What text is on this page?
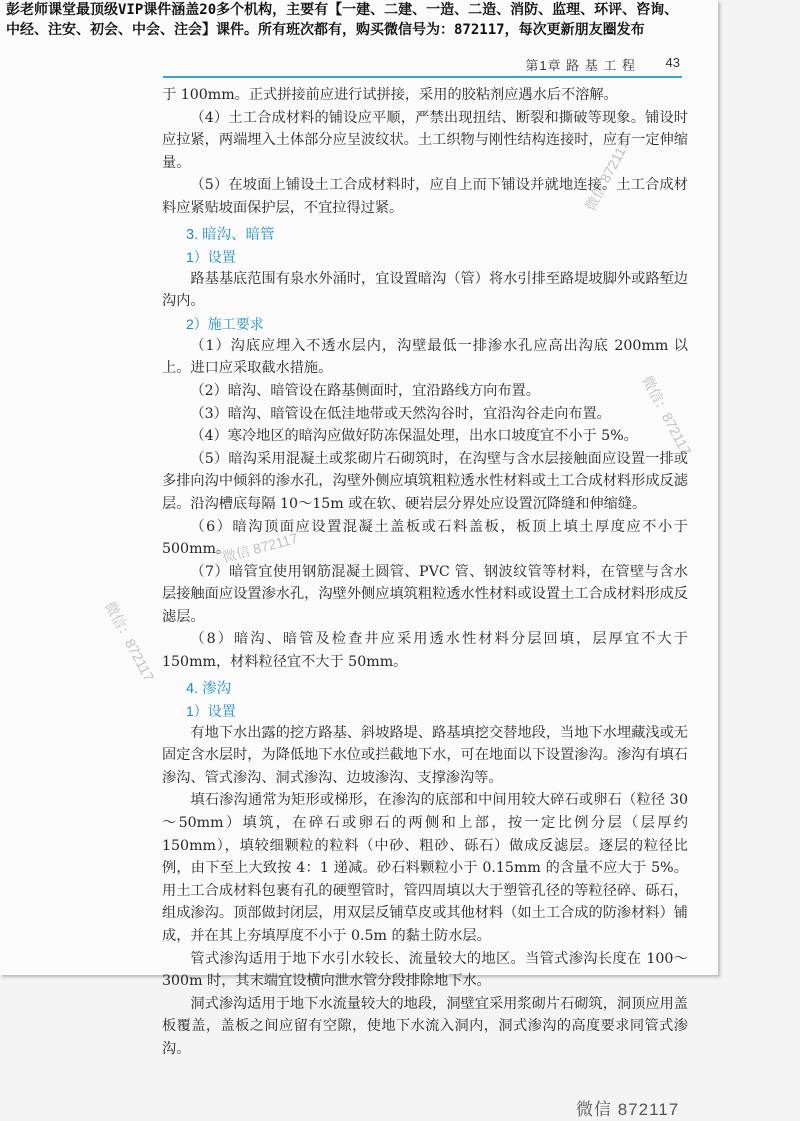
第1章 路 基 工 程 43

于 100mm。正式拼接前应进行试拼接，采用的胶粘剂应遇水后不溶解。

（4）土工合成材料的铺设应平顺，严禁出现扭结、断裂和撕破等现象。铺设时应拉紧，两端埋入土体部分应呈波纹状。土工织物与刚性结构连接时，应有一定伸缩量。

（5）在坡面上铺设土工合成材料时，应自上而下铺设并就地连接。土工合成材料应紧贴坡面保护层，不宜拉得过紧。

3. 暗沟、暗管
1）设置

路基基底范围有泉水外涌时，宜设置暗沟（管）将水引排至路堤坡脚外或路堑边沟内。

2）施工要求

（1）沟底应埋入不透水层内，沟壁最低一排渗水孔应高出沟底 200mm 以上。进口应采取截水措施。

（2）暗沟、暗管设在路基侧面时，宜沿路线方向布置。

（3）暗沟、暗管设在低洼地带或天然沟谷时，宜沿沟谷走向布置。

（4）寒冷地区的暗沟应做好防冻保温处理，出水口坡度宜不小于 5%。

（5）暗沟采用混凝土或浆砌片石砌筑时，在沟壁与含水层接触面应设置一排或多排向沟中倾斜的渗水孔，沟壁外侧应填筑粗粒透水性材料或土工合成材料形成反滤层。沿沟槽底每隔 10～15m 或在软、硬岩层分界处应设置沉降缝和伸缩缝。

（6）暗沟顶面应设置混凝土盖板或石料盖板，板顶上填土厚度应不小于 500mm。

（7）暗管宜使用钢筋混凝土圆管、PVC 管、钢波纹管等材料，在管壁与含水层接触面应设置渗水孔，沟壁外侧应填筑粗粒透水性材料或设置土工合成材料形成反滤层。

（8）暗沟、暗管及检查井应采用透水性材料分层回填，层厚宜不大于 150mm，材料粒径宜不大于 50mm。

4. 渗沟
1）设置

有地下水出露的挖方路基、斜坡路堤、路基填挖交替地段，当地下水埋藏浅或无固定含水层时，为降低地下水位或拦截地下水，可在地面以下设置渗沟。渗沟有填石渗沟、管式渗沟、洞式渗沟、边坡渗沟、支撑渗沟等。

填石渗沟通常为矩形或梯形，在渗沟的底部和中间用较大碎石或卵石（粒径 30～50mm）填筑，在碎石或卵石的两侧和上部，按一定比例分层（层厚约 150mm），填较细颗粒的粒料（中砂、粗砂、砾石）做成反滤层。逐层的粒径比例，由下至上大致按 4：1 递减。砂石料颗粒小于 0.15mm 的含量不应大于 5%。用土工合成材料包裹有孔的硬塑管时，管四周填以大于塑管孔径的等粒径碎、砾石，组成渗沟。顶部做封闭层，用双层反铺草皮或其他材料（如土工合成的防渗材料）铺成，并在其上夯填厚度不小于 0.5m 的黏土防水层。

管式渗沟适用于地下水引水较长、流量较大的地区。当管式渗沟长度在 100～300m 时，其末端宜设横向泄水管分段排除地下水。

洞式渗沟适用于地下水流量较大的地段，洞壁宜采用浆砌片石砌筑，洞顶应用盖板覆盖，盖板之间应留有空隙，使地下水流入洞内，洞式渗沟的高度要求同管式渗沟。

微信 872117
微信：872117
微信 872117
微信：872117
彭老师课堂最顶级VIP课件涵盖20多个机构，主要有【一建、二建、一造、二造、消防、监理、环评、咨询、
中经、注安、初会、中会、注会】课件。所有班次都有，购买微信号为：872117，每次更新朋友圈发布
微信 872117
